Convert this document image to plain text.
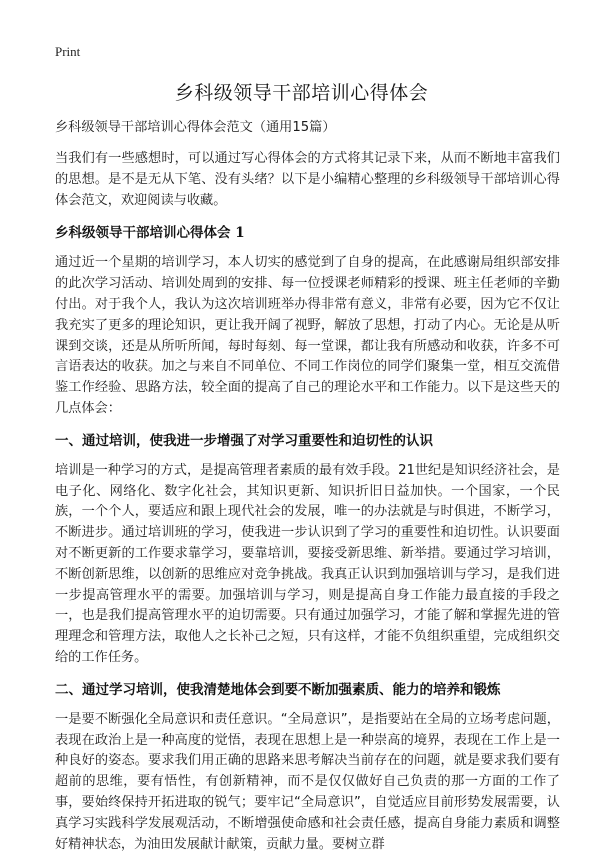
Print
乡科级领导干部培训心得体会
乡科级领导干部培训心得体会范文（通用15篇）

当我们有一些感想时，可以通过写心得体会的方式将其记录下来，从而不断地丰富我们的思想。是不是无从下笔、没有头绪？以下是小编精心整理的乡科级领导干部培训心得体会范文，欢迎阅读与收藏。

乡科级领导干部培训心得体会 1

通过近一个星期的培训学习，本人切实的感觉到了自身的提高，在此感谢局组织部安排的此次学习活动、培训处周到的安排、每一位授课老师精彩的授课、班主任老师的辛勤付出。对于我个人，我认为这次培训班举办得非常有意义，非常有必要，因为它不仅让我充实了更多的理论知识，更让我开阔了视野，解放了思想，打动了内心。无论是从听课到交谈，还是从所听所闻，每时每刻、每一堂课，都让我有所感动和收获，许多不可言语表达的收获。加之与来自不同单位、不同工作岗位的同学们聚集一堂，相互交流借鉴工作经验、思路方法，较全面的提高了自己的理论水平和工作能力。以下是这些天的几点体会：

一、通过培训，使我进一步增强了对学习重要性和迫切性的认识

培训是一种学习的方式，是提高管理者素质的最有效手段。21世纪是知识经济社会，是电子化、网络化、数字化社会，其知识更新、知识折旧日益加快。一个国家，一个民族，一个个人，要适应和跟上现代社会的发展，唯一的办法就是与时俱进，不断学习，不断进步。通过培训班的学习，使我进一步认识到了学习的重要性和迫切性。认识要面对不断更新的工作要求靠学习，要靠培训，要接受新思维、新举措。要通过学习培训，不断创新思维，以创新的思维应对竞争挑战。我真正认识到加强培训与学习，是我们进一步提高管理水平的需要。加强培训与学习，则是提高自身工作能力最直接的手段之一，也是我们提高管理水平的迫切需要。只有通过加强学习，才能了解和掌握先进的管理理念和管理方法，取他人之长补己之短，只有这样，才能不负组织重望，完成组织交给的工作任务。

二、通过学习培训，使我清楚地体会到要不断加强素质、能力的培养和锻炼

一是要不断强化全局意识和责任意识。“全局意识”，是指要站在全局的立场考虑问题，表现在政治上是一种高度的觉悟，表现在思想上是一种崇高的境界，表现在工作上是一种良好的姿态。要求我们用正确的思路来思考解决当前存在的问题，就是要求我们要有超前的思维，要有悟性，有创新精神，而不是仅仅做好自己负责的那一方面的工作了事，要始终保持开拓进取的锐气；要牢记“全局意识”，自觉适应目前形势发展需要，认真学习实践科学发展观活动，不断增强使命感和社会责任感，提高自身能力素质和调整好精神状态，为油田发展献计献策，贡献力量。要树立群
